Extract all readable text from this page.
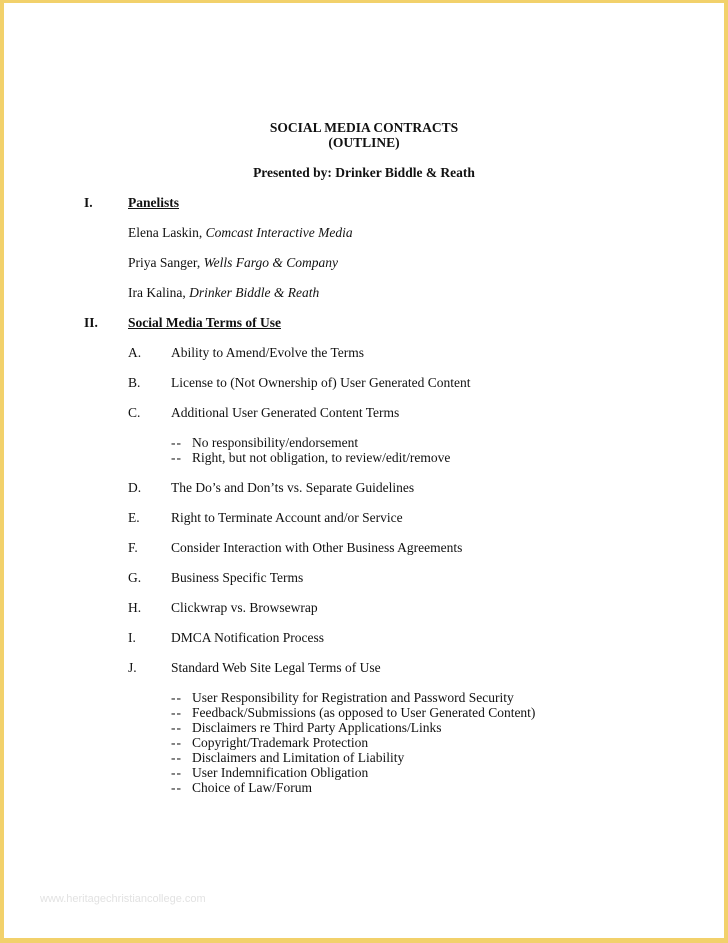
SOCIAL MEDIA CONTRACTS
(OUTLINE)
Presented by: Drinker Biddle & Reath
I.	Panelists
Elena Laskin, Comcast Interactive Media
Priya Sanger, Wells Fargo & Company
Ira Kalina, Drinker Biddle & Reath
II. Social Media Terms of Use
A. Ability to Amend/Evolve the Terms
B. License to (Not Ownership of) User Generated Content
C. Additional User Generated Content Terms
-- No responsibility/endorsement
-- Right, but not obligation, to review/edit/remove
D. The Do’s and Don’ts vs. Separate Guidelines
E. Right to Terminate Account and/or Service
F. Consider Interaction with Other Business Agreements
G. Business Specific Terms
H. Clickwrap vs. Browsewrap
I.	DMCA Notification Process
J.	Standard Web Site Legal Terms of Use
-- User Responsibility for Registration and Password Security
-- Feedback/Submissions (as opposed to User Generated Content)
-- Disclaimers re Third Party Applications/Links
-- Copyright/Trademark Protection
-- Disclaimers and Limitation of Liability
-- User Indemnification Obligation
-- Choice of Law/Forum
www.heritagechristiancollege.com
